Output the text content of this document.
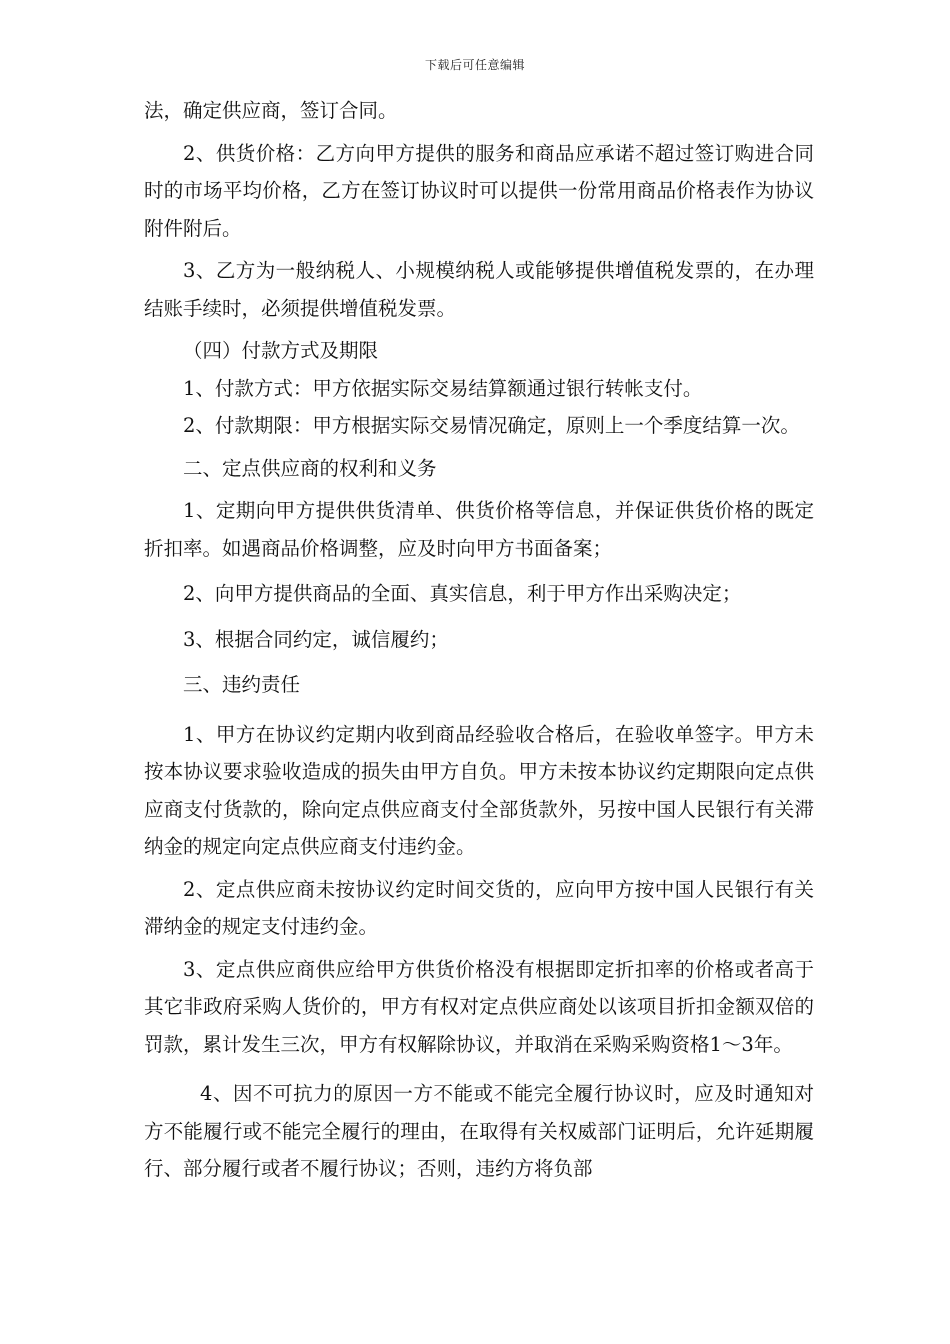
下载后可任意编辑

法，确定供应商，签订合同。

2、供货价格：乙方向甲方提供的服务和商品应承诺不超过签订购进合同时的市场平均价格，乙方在签订协议时可以提供一份常用商品价格表作为协议附件附后。

3、乙方为一般纳税人、小规模纳税人或能够提供增值税发票的，在办理结账手续时，必须提供增值税发票。

（四）付款方式及期限

1、付款方式：甲方依据实际交易结算额通过银行转帐支付。

2、付款期限：甲方根据实际交易情况确定，原则上一个季度结算一次。

二、定点供应商的权利和义务

1、定期向甲方提供供货清单、供货价格等信息，并保证供货价格的既定折扣率。如遇商品价格调整，应及时向甲方书面备案；

2、向甲方提供商品的全面、真实信息，利于甲方作出采购决定；

3、根据合同约定，诚信履约；

三、违约责任

1、甲方在协议约定期内收到商品经验收合格后，在验收单签字。甲方未按本协议要求验收造成的损失由甲方自负。甲方未按本协议约定期限向定点供应商支付货款的，除向定点供应商支付全部货款外，另按中国人民银行有关滞纳金的规定向定点供应商支付违约金。

2、定点供应商未按协议约定时间交货的，应向甲方按中国人民银行有关滞纳金的规定支付违约金。

3、定点供应商供应给甲方供货价格没有根据即定折扣率的价格或者高于其它非政府采购人货价的，甲方有权对定点供应商处以该项目折扣金额双倍的罚款，累计发生三次，甲方有权解除协议，并取消在采购采购资格1～3年。

4、因不可抗力的原因一方不能或不能完全履行协议时，应及时通知对方不能履行或不能完全履行的理由，在取得有关权威部门证明后，允许延期履行、部分履行或者不履行协议；否则，违约方将负部
